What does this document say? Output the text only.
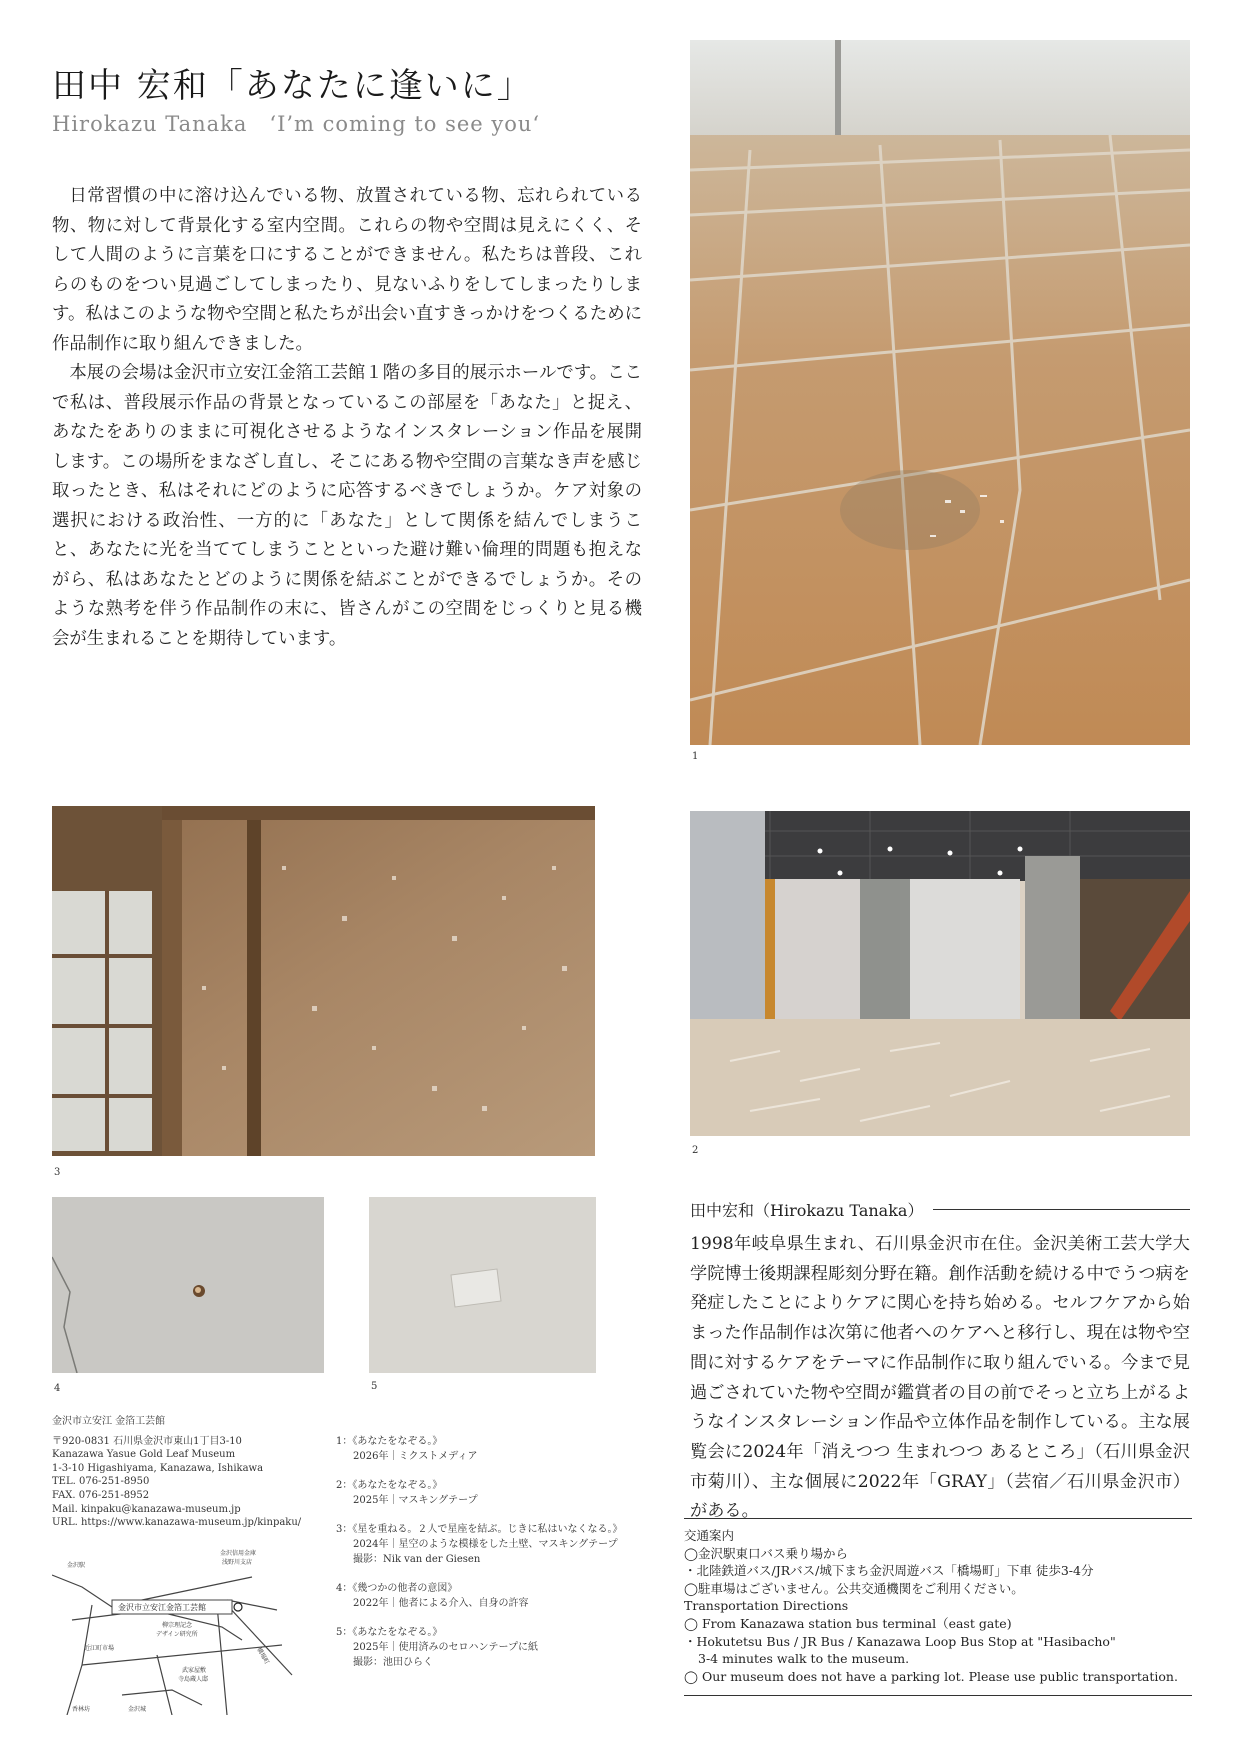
田中 宏和「あなたに逢いに」
Hirokazu Tanaka　‘I’m coming to see you‘

日常習慣の中に溶け込んでいる物、放置されている物、忘れられている物、物に対して背景化する室内空間。これらの物や空間は見えにくく、そして人間のように言葉を口にすることができません。私たちは普段、これらのものをつい見過ごしてしまったり、見ないふりをしてしまったりします。私はこのような物や空間と私たちが出会い直すきっかけをつくるために作品制作に取り組んできました。

本展の会場は金沢市立安江金箔工芸館１階の多目的展示ホールです。ここで私は、普段展示作品の背景となっているこの部屋を「あなた」と捉え、あなたをありのままに可視化させるようなインスタレーション作品を展開します。この場所をまなざし直し、そこにある物や空間の言葉なき声を感じ取ったとき、私はそれにどのように応答するべきでしょうか。ケア対象の選択における政治性、一方的に「あなた」として関係を結んでしまうこと、あなたに光を当ててしまうことといった避け難い倫理的問題も抱えながら、私はあなたとどのように関係を結ぶことができるでしょうか。そのような熟考を伴う作品制作の末に、皆さんがこの空間をじっくりと見る機会が生まれることを期待しています。

1
3
2
4	5
田中宏和（Hirokazu Tanaka）
1998年岐阜県生まれ、石川県金沢市在住。金沢美術工芸大学大学院博士後期課程彫刻分野在籍。創作活動を続ける中でうつ病を発症したことによりケアに関心を持ち始める。セルフケアから始まった作品制作は次第に他者へのケアへと移行し、現在は物や空間に対するケアをテーマに作品制作に取り組んでいる。今まで見過ごされていた物や空間が鑑賞者の目の前でそっと立ち上がるようなインスタレーション作品や立体作品を制作している。主な展覧会に2024年「消えつつ 生まれつつ あるところ」（石川県金沢市菊川）、主な個展に2022年「GRAY」（芸宿／石川県金沢市）がある。
金沢市立安江 金箔工芸館
〒920-0831 石川県金沢市東山1丁目3-10
Kanazawa Yasue Gold Leaf Museum
1-3-10 Higashiyama, Kanazawa, Ishikawa
TEL. 076-251-8950
FAX. 076-251-8952
Mail. kinpaku@kanazawa-museum.jp
URL. https://www.kanazawa-museum.jp/kinpaku/
1：《あなたをなぞる。》
2026年｜ミクストメディア
2：《あなたをなぞる。》
2025年｜マスキングテープ
3：《星を重ねる。２人で星座を結ぶ。じきに私はいなくなる。》
2024年｜星空のような模様をした土壁、マスキングテープ
撮影：Nik van der Giesen
4：《幾つかの他者の意図》
2022年｜他者による介入、自身の許容
5：《あなたをなぞる。》
2025年｜使用済みのセロハンテープに紙
撮影：池田ひらく
金沢市立安江金箔工芸館
金沢駅
金沢信用金庫
浅野川支店
柳宗理記念
デザイン研究所
近江町市場	橋場町
武家屋敷
寺島蔵人邸
香林坊	金沢城
交通案内
◯金沢駅東口バス乗り場から
・北陸鉄道バス/JRバス/城下まち金沢周遊バス「橋場町」下車 徒歩3-4分
◯駐車場はございません。公共交通機関をご利用ください。
Transportation Directions
◯ From Kanazawa station bus terminal（east gate)
・Hokutetsu Bus / JR Bus / Kanazawa Loop Bus Stop at "Hasibacho"
3-4 minutes walk to the museum.
◯ Our museum does not have a parking lot. Please use public transportation.
